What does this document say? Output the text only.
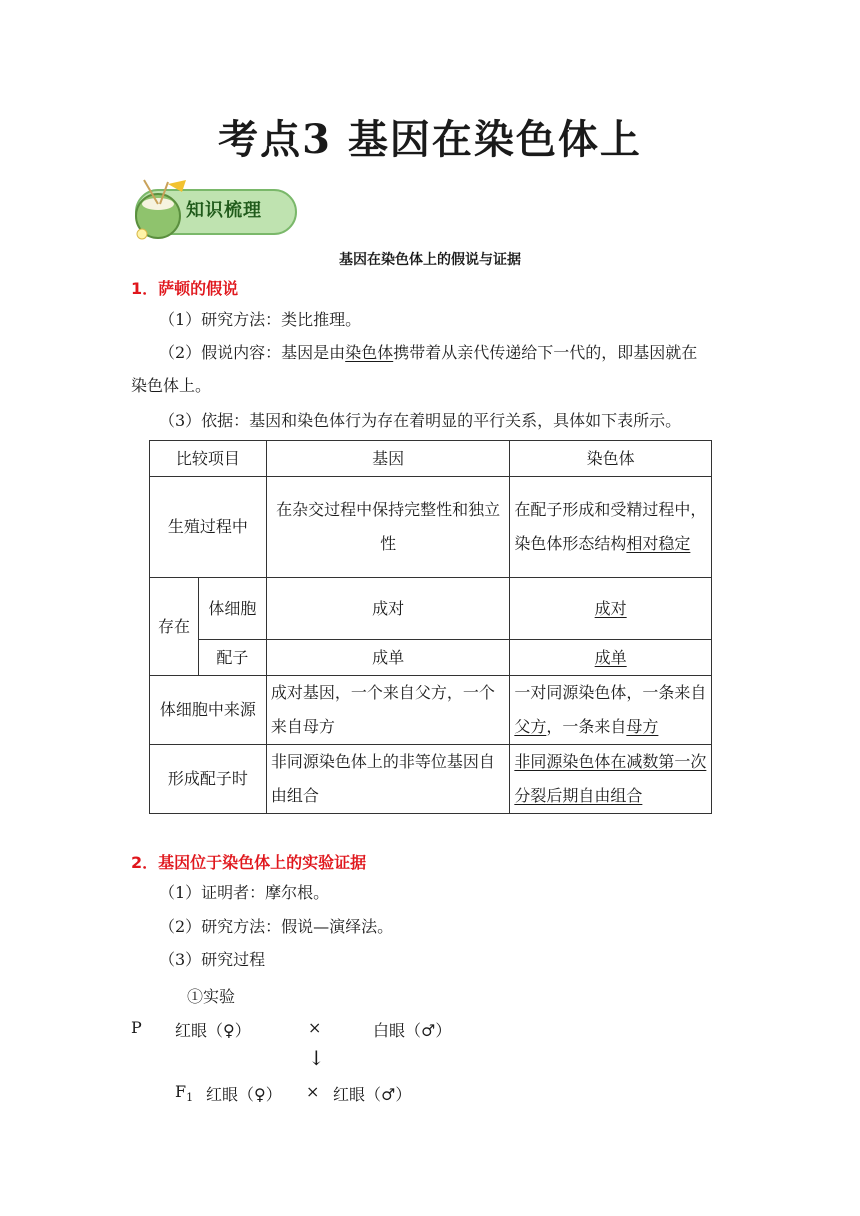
考点3 基因在染色体上
知识梳理
基因在染色体上的假说与证据
1．萨顿的假说
（1）研究方法：类比推理。
（2）假说内容：基因是由染色体携带着从亲代传递给下一代的，即基因就在
染色体上。
（3）依据：基因和染色体行为存在着明显的平行关系，具体如下表所示。
比较项目		基因	染色体
生殖过程中		在杂交过程中保持完整性和独立性	在配子形成和受精过程中，染色体形态结构相对稳定
存在	体细胞	成对	成对
	配子	成单	成单
体细胞中来源		成对基因，一个来自父方，一个来自母方	一对同源染色体，一条来自父方，一条来自母方
形成配子时		非同源染色体上的非等位基因自由组合	非同源染色体在减数第一次分裂后期自由组合
2．基因位于染色体上的实验证据
（1）证明者：摩尔根。
（2）研究方法：假说—演绎法。
（3）研究过程
①实验
P 红眼（♀）	×	白眼（♂）
↓
$F_1$ 红眼（♀） × 红眼（♂）
